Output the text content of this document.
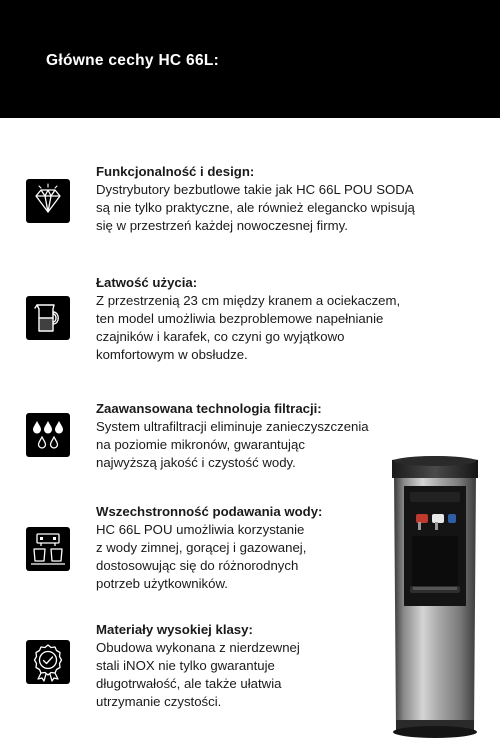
Główne cechy HC 66L:
Funkcjonalność i design:
Dystrybutory bezbutlowe takie jak HC 66L POU SODA
są nie tylko praktyczne, ale również elegancko wpisują
się w przestrzeń każdej nowoczesnej firmy.
Łatwość użycia:
Z przestrzenią 23 cm między kranem a ociekaczem,
ten model umożliwia bezproblemowe napełnianie
czajników i karafek, co czyni go wyjątkowo
komfortowym w obsłudze.
Zaawansowana technologia filtracji:
System ultrafiltracji eliminuje zanieczyszczenia
na poziomie mikronów, gwarantując
najwyższą jakość i czystość wody.
Wszechstronność podawania wody:
HC 66L POU umożliwia korzystanie
z wody zimnej, gorącej i gazowanej,
dostosowując się do różnorodnych
potrzeb użytkowników.
Materiały wysokiej klasy:
Obudowa wykonana z nierdzewnej
stali iNOX nie tylko gwarantuje
długotrwałość, ale także ułatwia
utrzymanie czystości.
